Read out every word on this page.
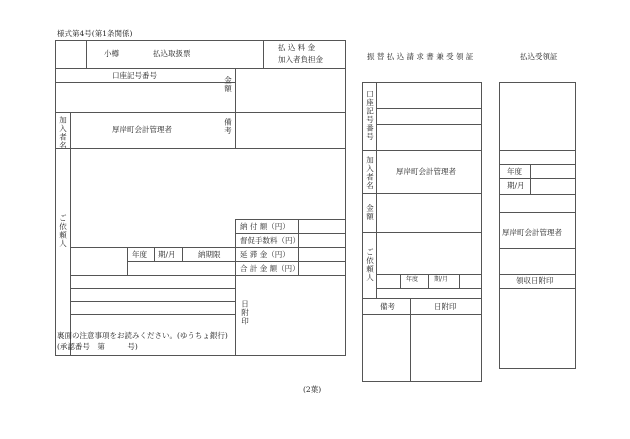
様式第4号(第1条関係)
小樽	払込取扱票
払 込 料 金
加入者負担金
口座記号番号
金額
加入者名	厚岸町会計管理者	備考
ご依頼人	納 付 額（円）
督促手数料（円）
延 滞 金（円）
合 計 金 額（円）
年度 期/月	納期限
日附印
裏面の注意事項をお読みください。(ゆうちょ銀行)
(承認番号　第　　　号)
振 替 払 込 請 求 書 兼 受 領 証
口座記号番号
加入者名	厚岸町会計管理者
金額
ご依頼人	年度	期/月
備考	日附印
払込受領証
年度
期/月
厚岸町会計管理者
領収日附印
(2葉)
